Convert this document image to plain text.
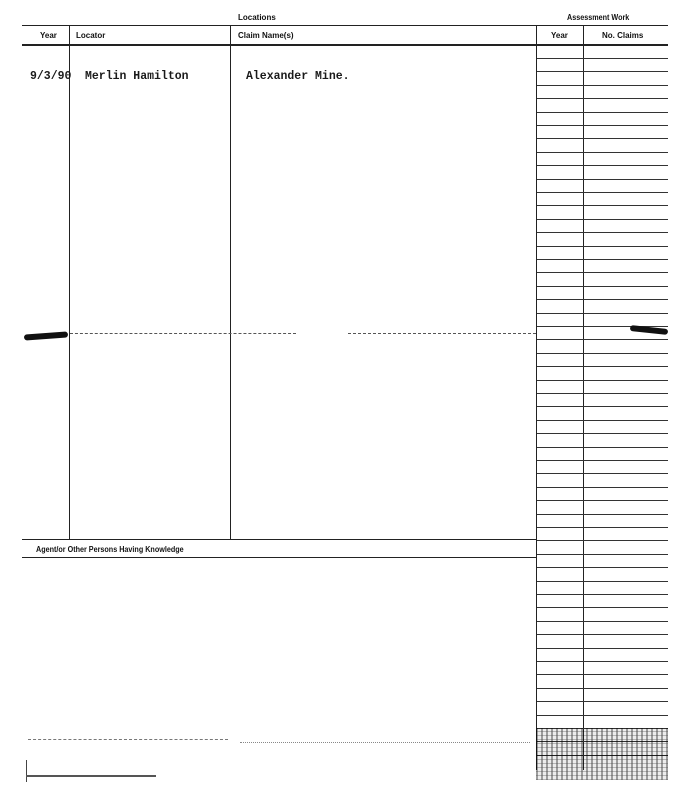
Locations	Assessment Work
Year Locator	Claim Name(s)	Year	No. Claims
Agent/or Other Persons Having Knowledge
9/3/90 Merlin Hamilton	Alexander Mine.
